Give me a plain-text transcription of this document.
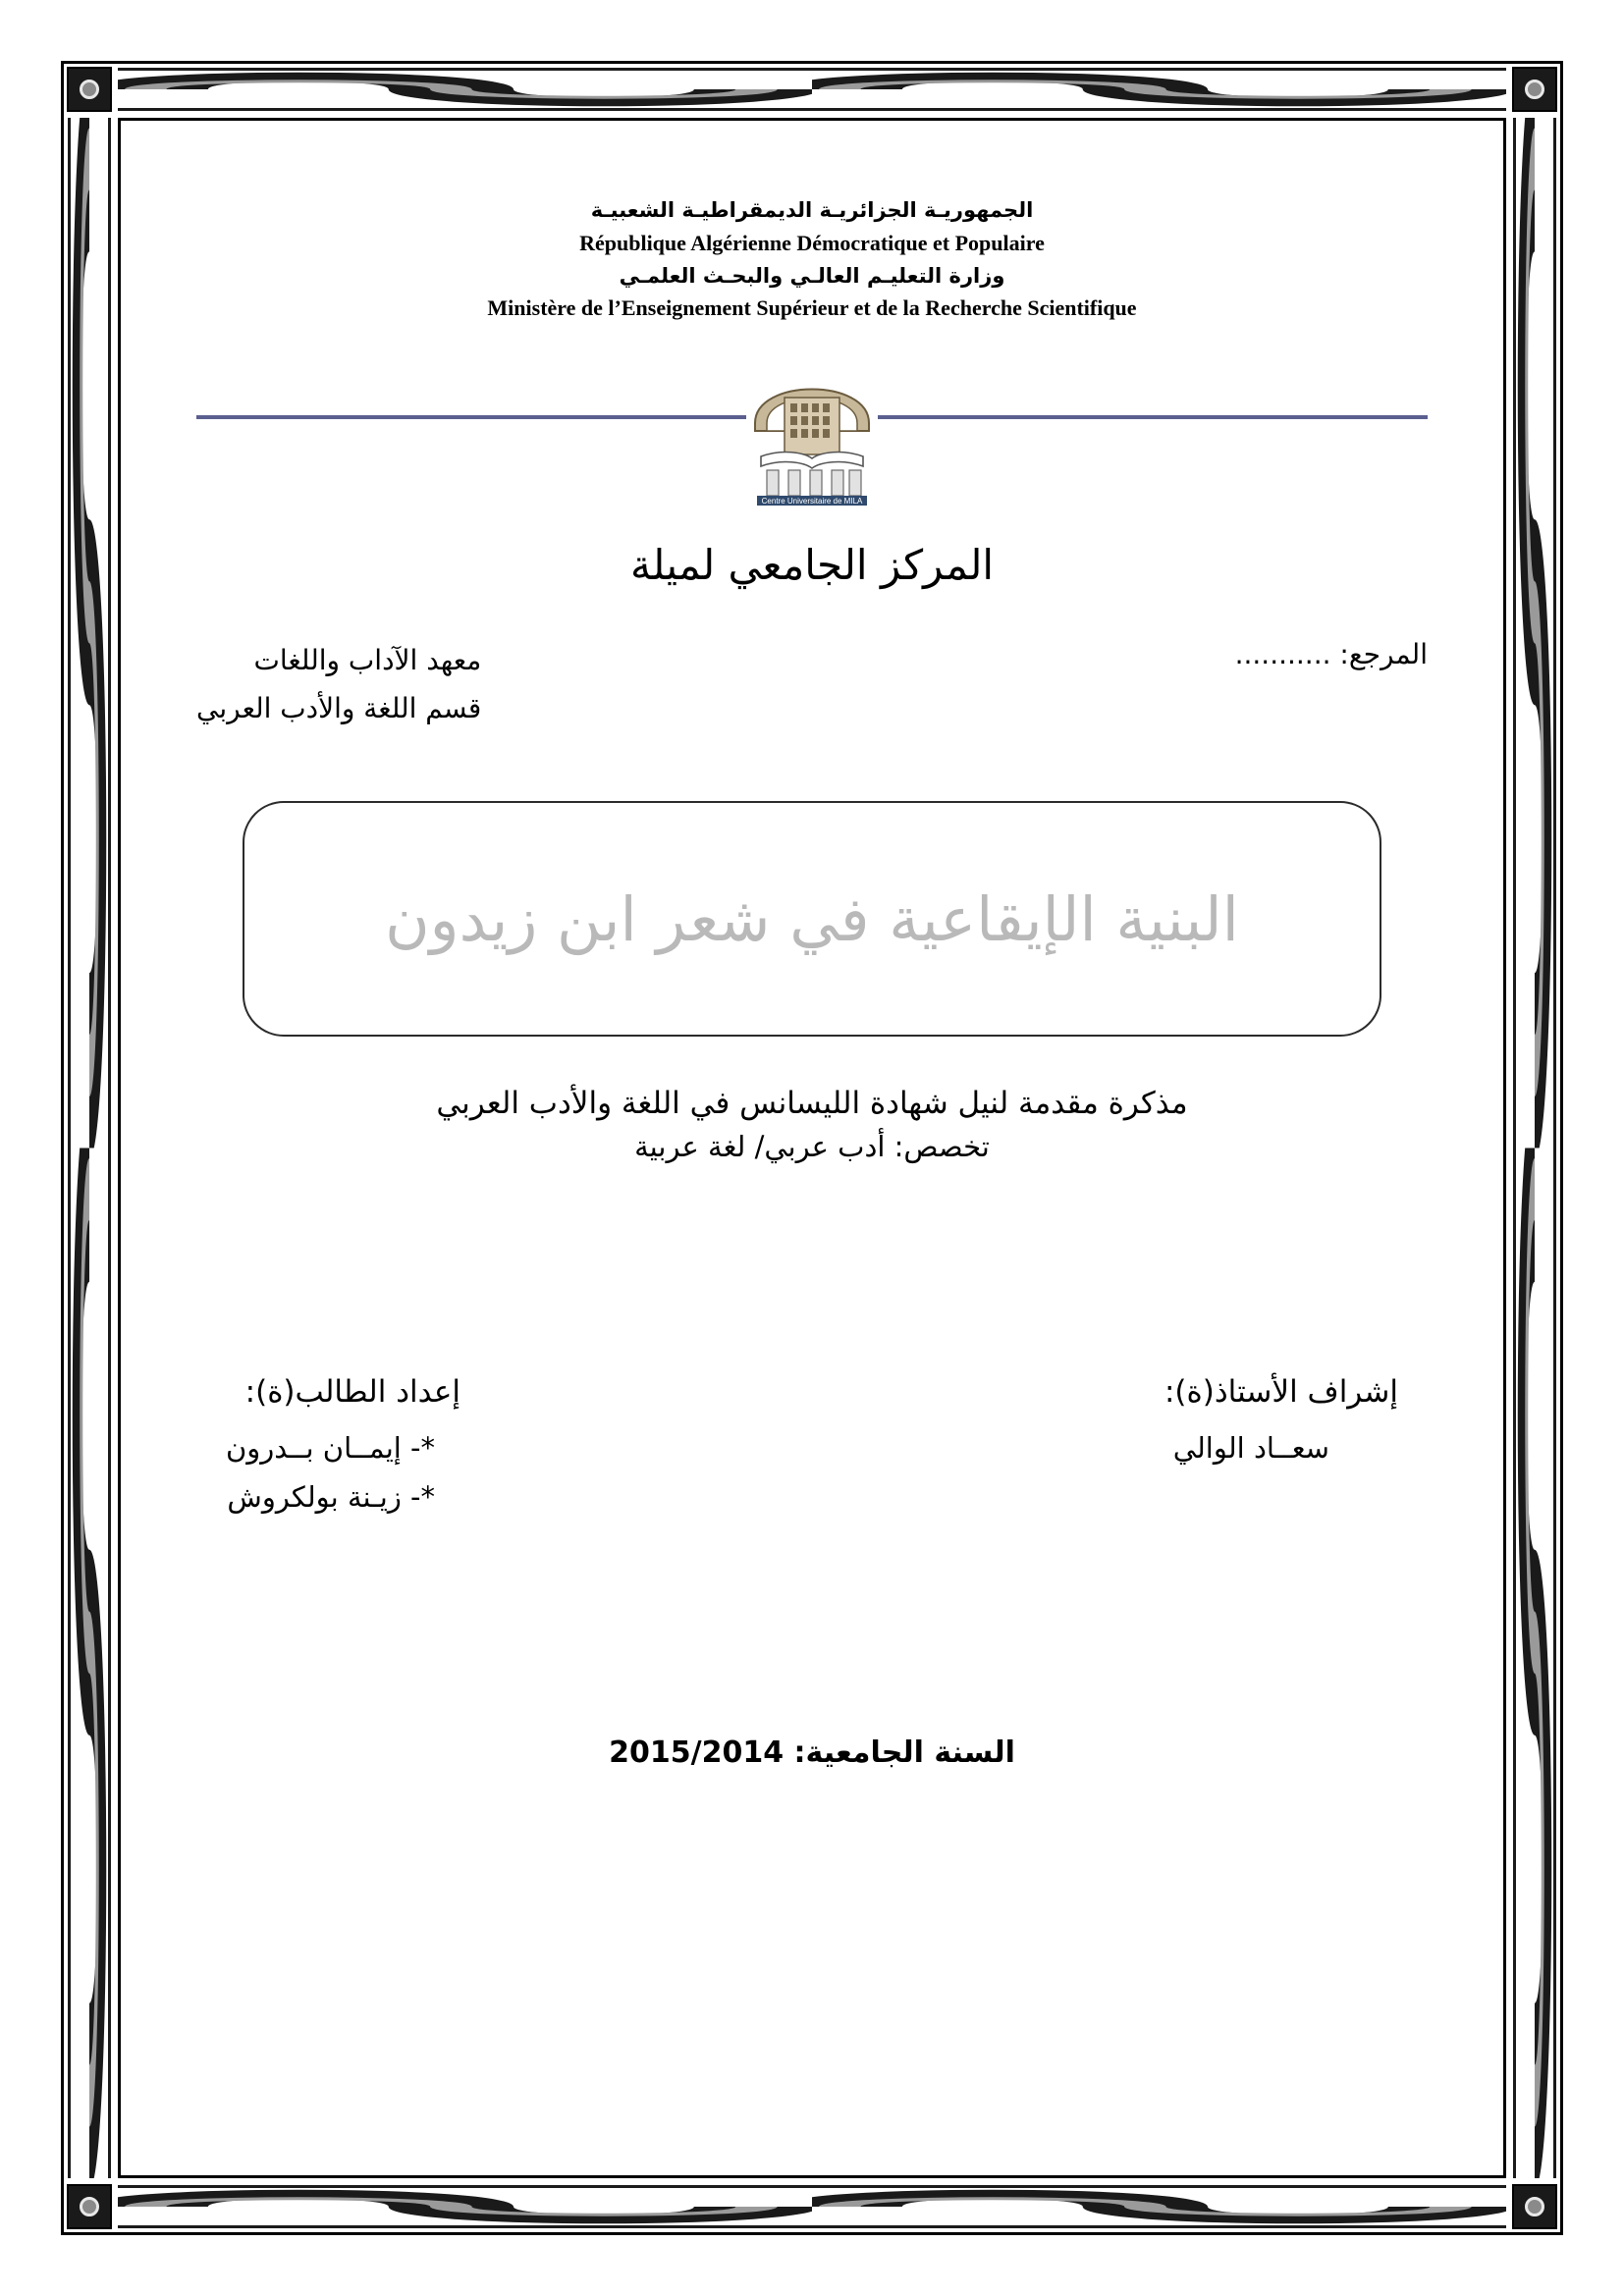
الجمهوريـة الجزائريـة الديمقراطيـة الشعبيـة
République Algérienne Démocratique et Populaire
وزارة التعليـم العالـي والبحـث العلمـي
Ministère de l’Enseignement Supérieur et de la Recherche Scientifique
Centre Universitaire de MILA
المركز الجامعي لميلة
معهد الآداب واللغات
قسم اللغة والأدب العربي
المرجع: ...........
البنية الإيقاعية في شعر ابن زيدون
مذكرة مقدمة لنيل شهادة الليسانس في اللغة والأدب العربي
تخصص: أدب عربي/ لغة عربية
إعداد الطالب(ة):
*- إيمــان بــدرون
*- زيـنة بولكروش
إشراف الأستاذ(ة):
سعــاد الوالي
السنة الجامعية: 2015/2014
